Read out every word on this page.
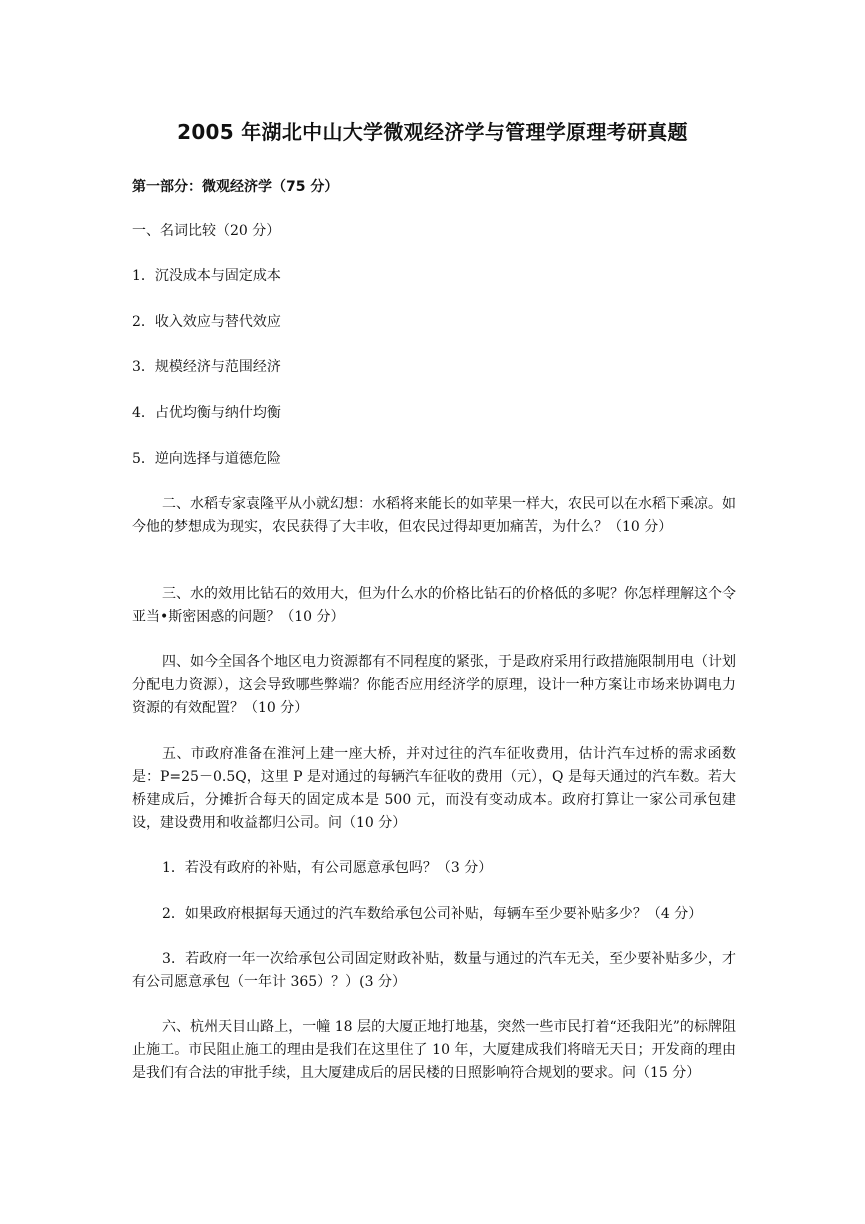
2005 年湖北中山大学微观经济学与管理学原理考研真题
第一部分：微观经济学（75 分）
一、名词比较（20 分）
1．沉没成本与固定成本
2．收入效应与替代效应
3．规模经济与范围经济
4．占优均衡与纳什均衡
5．逆向选择与道德危险
二、水稻专家袁隆平从小就幻想：水稻将来能长的如苹果一样大，农民可以在水稻下乘凉。如今他的梦想成为现实，农民获得了大丰收，但农民过得却更加痛苦，为什么？（10 分）
三、水的效用比钻石的效用大，但为什么水的价格比钻石的价格低的多呢？你怎样理解这个令亚当•斯密困惑的问题？（10 分）
四、如今全国各个地区电力资源都有不同程度的紧张，于是政府采用行政措施限制用电（计划分配电力资源），这会导致哪些弊端？你能否应用经济学的原理，设计一种方案让市场来协调电力资源的有效配置？（10 分）
五、市政府准备在淮河上建一座大桥，并对过往的汽车征收费用，估计汽车过桥的需求函数是：P=25－0.5Q，这里 P 是对通过的每辆汽车征收的费用（元），Q 是每天通过的汽车数。若大桥建成后，分摊折合每天的固定成本是 500 元，而没有变动成本。政府打算让一家公司承包建设，建设费用和收益都归公司。问（10 分）
1．若没有政府的补贴，有公司愿意承包吗？（3 分）
2．如果政府根据每天通过的汽车数给承包公司补贴，每辆车至少要补贴多少？（4 分）
3．若政府一年一次给承包公司固定财政补贴，数量与通过的汽车无关，至少要补贴多少，才有公司愿意承包（一年计 365）？）(3 分）
六、杭州天目山路上，一幢 18 层的大厦正地打地基，突然一些市民打着“还我阳光”的标牌阻止施工。市民阻止施工的理由是我们在这里住了 10 年，大厦建成我们将暗无天日；开发商的理由是我们有合法的审批手续，且大厦建成后的居民楼的日照影响符合规划的要求。问（15 分）
